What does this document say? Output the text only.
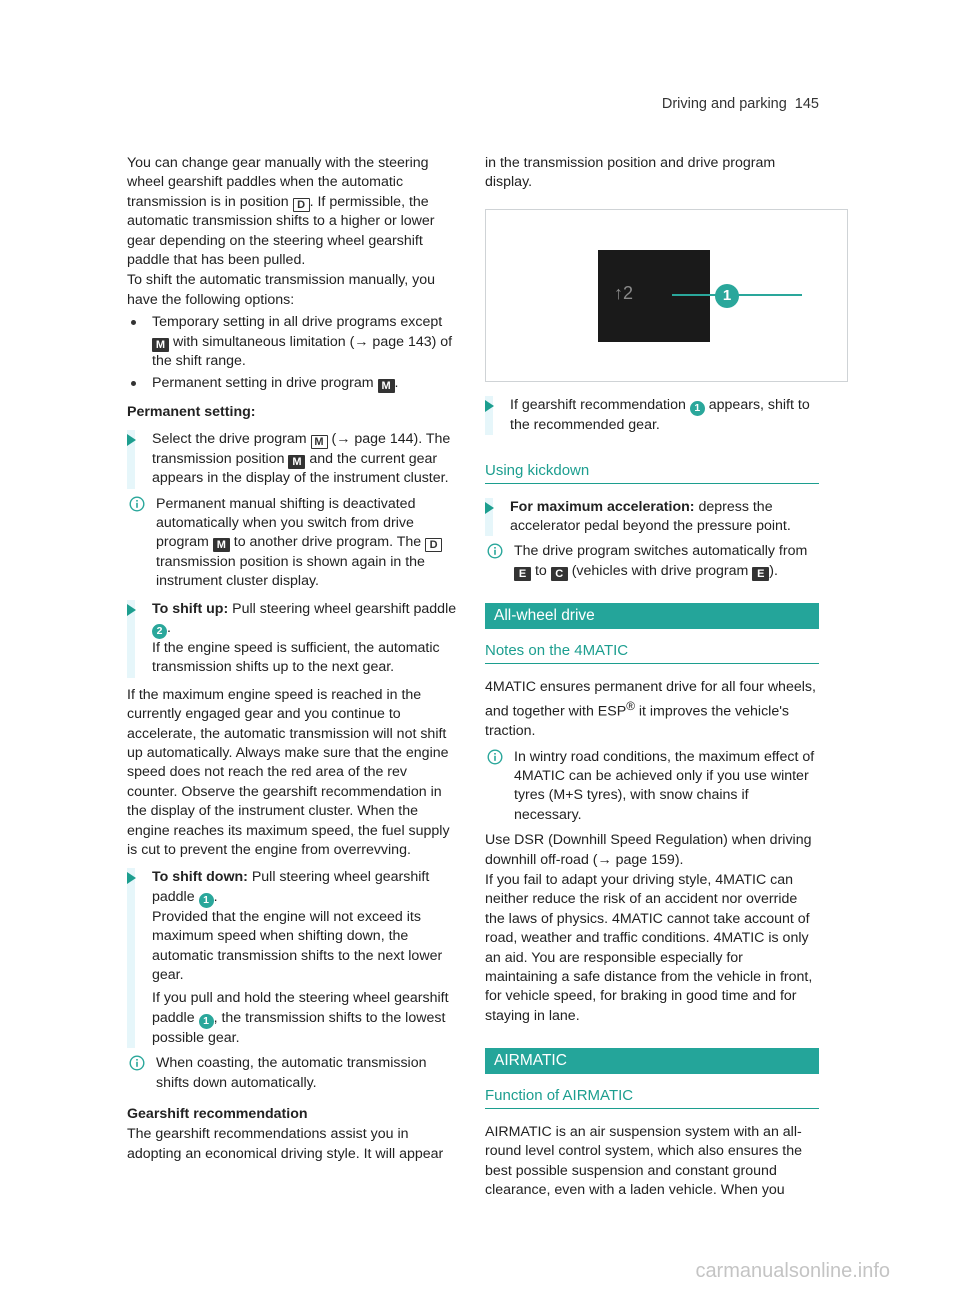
Driving and parking 145

You can change gear manually with the steering wheel gearshift paddles when the automatic transmission is in position D . If permissible, the automatic transmission shifts to a higher or lower gear depending on the steering wheel gearshift paddle that has been pulled.

To shift the automatic transmission manually, you have the following options:

Temporary setting in all drive programs except M with simultaneous limitation (→ page 143) of the shift range.
Permanent setting in drive program M .

Permanent setting:

Select the drive program M (→ page 144). The transmission position M and the current gear appears in the display of the instrument cluster.
Permanent manual shifting is deactivated automatically when you switch from drive program M to another drive program. The D transmission position is shown again in the instrument cluster display.
To shift up: Pull steering wheel gearshift paddle 2 .
If the engine speed is sufficient, the automatic transmission shifts up to the next gear.

If the maximum engine speed is reached in the currently engaged gear and you continue to accelerate, the automatic transmission will not shift up automatically. Always make sure that the engine speed does not reach the red area of the rev counter. Observe the gearshift recommendation in the display of the instrument cluster. When the engine reaches its maximum speed, the fuel supply is cut to prevent the engine from overrevving.

To shift down: Pull steering wheel gearshift paddle 1 .
Provided that the engine will not exceed its maximum speed when shifting down, the automatic transmission shifts to the next lower gear.
If you pull and hold the steering wheel gearshift paddle 1 , the transmission shifts to the lowest possible gear.
When coasting, the automatic transmission shifts down automatically.

Gearshift recommendation

The gearshift recommendations assist you in adopting an economical driving style. It will appear

in the transmission position and drive program display.

↑2	1
If gearshift recommendation 1 appears, shift to the recommended gear.
Using kickdown
For maximum acceleration: depress the accelerator pedal beyond the pressure point.
The drive program switches automatically from E to C (vehicles with drive program E ).
All-wheel drive
Notes on the 4MATIC

4MATIC ensures permanent drive for all four wheels, and together with ESP® it improves the vehicle's traction.

In wintry road conditions, the maximum effect of 4MATIC can be achieved only if you use winter tyres (M+S tyres), with snow chains if necessary.

Use DSR (Downhill Speed Regulation) when driving downhill off-road (→ page 159).

If you fail to adapt your driving style, 4MATIC can neither reduce the risk of an accident nor override the laws of physics. 4MATIC cannot take account of road, weather and traffic conditions. 4MATIC is only an aid. You are responsible especially for maintaining a safe distance from the vehicle in front, for vehicle speed, for braking in good time and for staying in lane.

AIRMATIC
Function of AIRMATIC

AIRMATIC is an air suspension system with an all-round level control system, which also ensures the best possible suspension and constant ground clearance, even with a laden vehicle. When you

carmanualsonline.info
